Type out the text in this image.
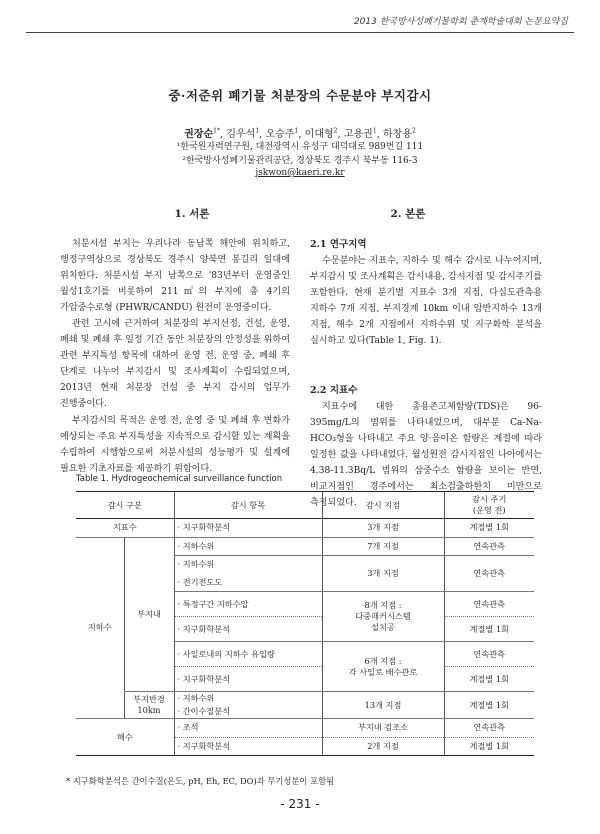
2013 한국방사성폐기물학회 춘계학술대회 논문요약집
중·저준위 폐기물 처분장의 수문분야 부지감시
권장순$^{1*}$, 김우석$^1$, 오승주$^1$, 이대형$^2$, 고용권$^1$, 하창용$^2$
¹한국원자력연구원, 대전광역시 유성구 대덕대로 989번길 111
²한국방사성폐기물관리공단, 경상북도 경주시 북부동 116-3
jskwon@kaeri.re.kr
1. 서론	2. 본론

처분시설 부지는 우리나라 동남쪽 해안에 위치하고, 행정구역상으로 경상북도 경주시 양북면 봉길리 일대에 위치한다. 처분시설 부지 남쪽으로 '83년부터 운영중인 월성1호기를 비롯하여 211㎡의 부지에 총 4기의 가압중수로형 (PHWR/CANDU) 원전이 운영중이다.

관련 고시에 근거하여 처분장의 부지선정, 건설, 운영, 폐쇄 및 폐쇄 후 일정 기간 동안 처분장의 안정성을 위하여 관련 부지특성 항목에 대하여 운영 전, 운영 중, 폐쇄 후 단계로 나누어 부지감시 및 조사계획이 수립되었으며, 2013년 현재 처분장 건설 중 부지 감시의 업무가 진행중이다.

부지감시의 목적은 운영 전, 운영 중 및 폐쇄 후 변화가 예상되는 주요 부지특성을 지속적으로 감시할 있는 계획을 수립하여 시행함으로써 처분시설의 성능평가 및 설계에 필요한 기초자료를 제공하기 위함이다.

2.1 연구지역

수문분야는 지표수, 지하수 및 해수 감시로 나누어지며, 부지감시 및 조사계획은 감시내용, 감시지점 및 감시주기를 포함한다. 현재 분기별 지표수 3개 지점, 다심도관측용 지하수 7개 지점, 부지경계 10km 이내 암반지하수 13개 지점, 해수 2개 지점에서 지하수위 및 지구화학 분석을 실시하고 있다(Table 1, Fig. 1).

2.2 지표수

지표수에 대한 총용존고체함량(TDS)은 96-395mg/L의 범위를 나타내었으며, 대부분 Ca-Na-HCO₃형을 나타내고 주요 양·음이온 함량은 계절에 따라 일정한 값을 나타내었다. 월성원전 감시지점인 나아에서는 4.38-11.3Bq/L 범위의 삼중수소 함량을 보이는 반면, 비교지점인 경주에서는 최소검출하한치 미만으로 측정되었다.

Table 1. Hydrogeochemical surveillance function
감시 구분		감시 항목	감시 지점	감시 주기
(운영 전)
지표수		· 지구화학분석	3개 지점	계절별 1회
지하수	부지내	· 지하수위	7개 지점	연속관측
		· 지하수위	3개 지점	연속관측
		· 전기전도도		
		· 특정구간 지하수압	8개 지점 :
다중패커시스템
설치공	연속관측
		· 지구화학분석		계절별 1회
		· 사일로내의 지하수 유입량	6개 지점 :
각 사일로 배수관로	연속관측
		· 지구화학분석		계절별 1회
	부지반경
10km	· 지하수위	13개 지점	계절별 1회
		· 간이수질분석		
해수		· 조석	부지내 검조소	연속관측
		· 지구화학분석	2개 지점	계절별 1회
* 지구화학분석은 간이수질(온도, pH, Eh, EC, DO)과 무기성분이 포함됨
- 231 -
